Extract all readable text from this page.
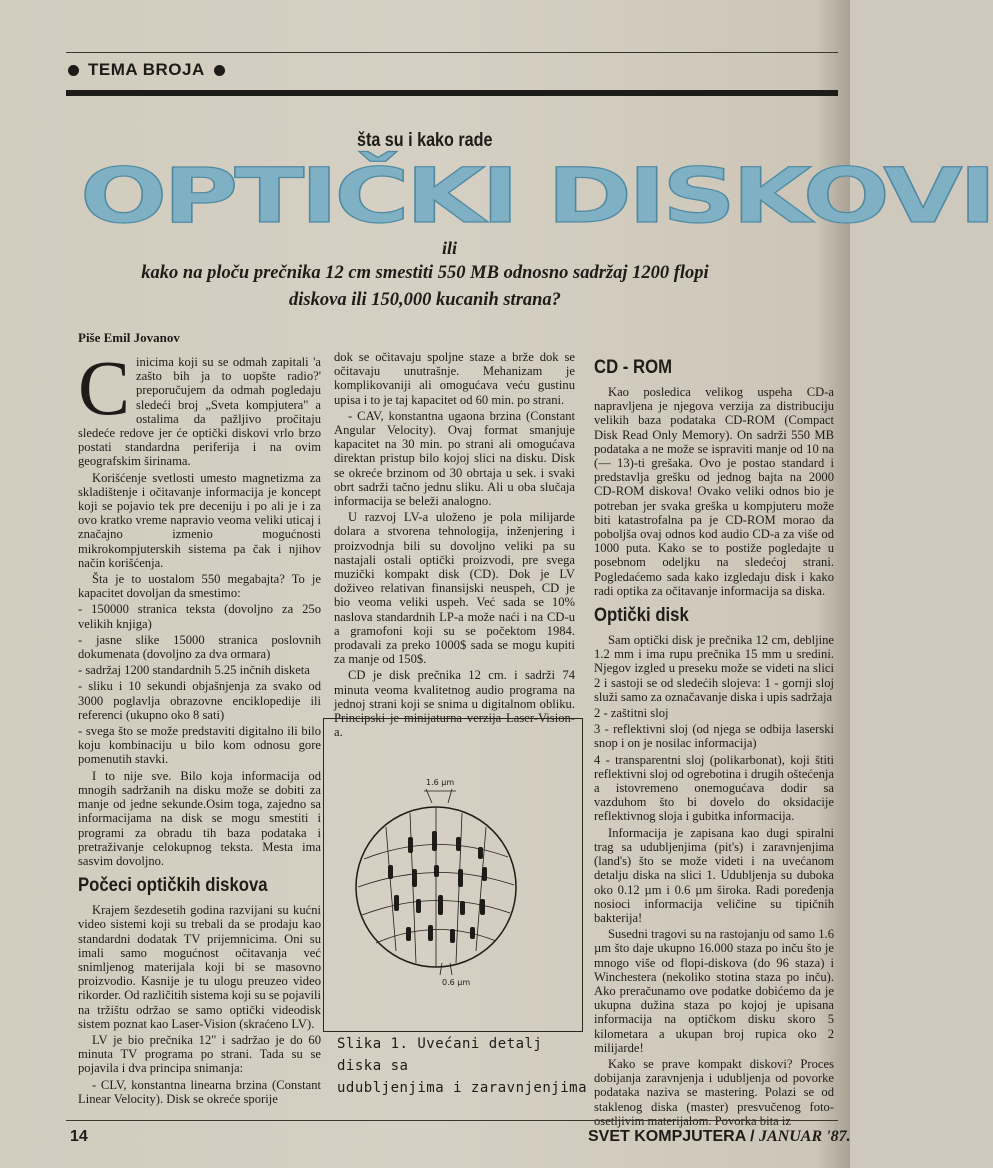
TEMA BROJA
šta su i kako rade
OPTIČKI DISKOVI
ili
kako na ploču prečnika 12 cm smestiti 550 MB odnosno sadržaj 1200 flopi
diskova ili 150,000 kucanih strana?
Piše Emil Jovanov
C inicima koji su se odmah zapitali 'a zašto bih ja to uopšte radio?' preporučujem da odmah pogledaju sledeći broj „Sveta kompjutera" a ostalima da pažljivo pročitaju sledeće redove jer će optički diskovi vrlo brzo postati standardna periferija i na ovim geografskim širinama.

Korišćenje svetlosti umesto magnetizma za skladištenje i očitavanje informacija je koncept koji se pojavio tek pre deceniju i po ali je i za ovo kratko vreme napravio veoma veliki uticaj i značajno izmenio mogućnosti mikrokompjuterskih sistema pa čak i njihov način korišćenja.

Šta je to uostalom 550 megabajta? To je kapacitet dovoljan da smestimo:

- 150000 stranica teksta (dovoljno za 25o velikih knjiga)

- jasne slike 15000 stranica poslovnih dokumenata (dovoljno za dva ormara)

- sadržaj 1200 standardnih 5.25 inčnih disketa

- sliku i 10 sekundi objašnjenja za svako od 3000 poglavlja obrazovne enciklopedije ili referenci (ukupno oko 8 sati)

- svega što se može predstaviti digitalno ili bilo koju kombinaciju u bilo kom odnosu gore pomenutih stavki.

I to nije sve. Bilo koja informacija od mnogih sadržanih na disku može se dobiti za manje od jedne sekunde.Osim toga, zajedno sa informacijama na disk se mogu smestiti i programi za obradu tih baza podataka i pretraživanje celokupnog teksta. Mesta ima sasvim dovoljno.

Počeci optičkih diskova

Krajem šezdesetih godina razvijani su kućni video sistemi koji su trebali da se prodaju kao standardni dodatak TV prijemnicima. Oni su imali samo mogućnost očitavanja već snimljenog materijala koji bi se masovno proizvodio. Kasnije je tu ulogu preuzeo video rikorder. Od različitih sistema koji su se pojavili na tržištu održao se samo optički videodisk sistem poznat kao Laser-Vision (skraćeno LV).

LV je bio prečnika 12" i sadržao je do 60 minuta TV programa po strani. Tada su se pojavila i dva principa snimanja:

- CLV, konstantna linearna brzina (Constant Linear Velocity). Disk se okreće sporije

dok se očitavaju spoljne staze a brže dok se očitavaju unutrašnje. Mehanizam je komplikovaniji ali omogućava veću gustinu upisa i to je taj kapacitet od 60 min. po strani.

- CAV, konstantna ugaona brzina (Constant Angular Velocity). Ovaj format smanjuje kapacitet na 30 min. po strani ali omogućava direktan pristup bilo kojoj slici na disku. Disk se okreće brzinom od 30 obrtaja u sek. i svaki obrt sadrži tačno jednu sliku. Ali u oba slučaja informacija se beleži analogno.

U razvoj LV-a uloženo je pola milijarde dolara a stvorena tehnologija, inženjering i proizvodnja bili su dovoljno veliki pa su nastajali ostali optički proizvodi, pre svega muzički kompakt disk (CD). Dok je LV doživeo relativan finansijski neuspeh, CD je bio veoma veliki uspeh. Već sada se 10% naslova standardnih LP-a može naći i na CD-u a gramofoni koji su se počektom 1984. prodavali za preko 1000$ sada se mogu kupiti za manje od 150$.

CD je disk prečnika 12 cm. i sadrži 74 minuta veoma kvalitetnog audio programa na jednoj strani koji se snima u digitalnom obliku. Principski je minijaturna verzija Laser-Vision-a.

1.6 µm
0.6 µm
Slika 1. Uvećani detalj diska sa
udubljenjima i zaravnjenjima
CD - ROM

Kao posledica velikog uspeha CD-a napravljena je njegova verzija za distribuciju velikih baza podataka CD-ROM (Compact Disk Read Only Memory). On sadrži 550 MB podataka a ne može se ispraviti manje od 10 na (— 13)-ti grešaka. Ovo je postao standard i predstavlja grešku od jednog bajta na 2000 CD-ROM diskova! Ovako veliki odnos bio je potreban jer svaka greška u kompjuteru može biti katastrofalna pa je CD-ROM morao da poboljša ovaj odnos kod audio CD-a za više od 1000 puta. Kako se to postiže pogledajte u posebnom odeljku na sledećoj strani. Pogledaćemo sada kako izgledaju disk i kako radi optika za očitavanje informacija sa diska.

Optički disk

Sam optički disk je prečnika 12 cm, debljine 1.2 mm i ima rupu prečnika 15 mm u sredini. Njegov izgled u preseku može se videti na slici 2 i sastoji se od sledećih slojeva: 1 - gornji sloj služi samo za označavanje diska i upis sadržaja

2 - zaštitni sloj

3 - reflektivni sloj (od njega se odbija laserski snop i on je nosilac informacija)

4 - transparentni sloj (polikarbonat), koji štiti reflektivni sloj od ogrebotina i drugih oštećenja a istovremeno onemogućava dodir sa vazduhom što bi dovelo do oksidacije reflektivnog sloja i gubitka informacija.

Informacija je zapisana kao dugi spiralni trag sa udubljenjima (pit's) i zaravnjenjima (land's) što se može videti i na uvećanom detalju diska na slici 1. Udubljenja su duboka oko 0.12 µm i 0.6 µm široka. Radi poređenja nosioci informacija veličine su tipičnih bakterija!

Susedni tragovi su na rastojanju od samo 1.6 µm što daje ukupno 16.000 staza po inču što je mnogo više od flopi-diskova (do 96 staza) i Winchestera (nekoliko stotina staza po inču). Ako preračunamo ove podatke dobićemo da je ukupna dužina staza po kojoj je upisana informacija na optičkom disku skoro 5 kilometara a ukupan broj rupica oko 2 milijarde!

Kako se prave kompakt diskovi? Proces dobijanja zaravnjenja i udubljenja od povorke podataka naziva se mastering. Polazi se od staklenog diska (master) presvučenog foto-osetljivim materijalom. Povorka bita iz

14	SVET KOMPJUTERA / JANUAR '87.
